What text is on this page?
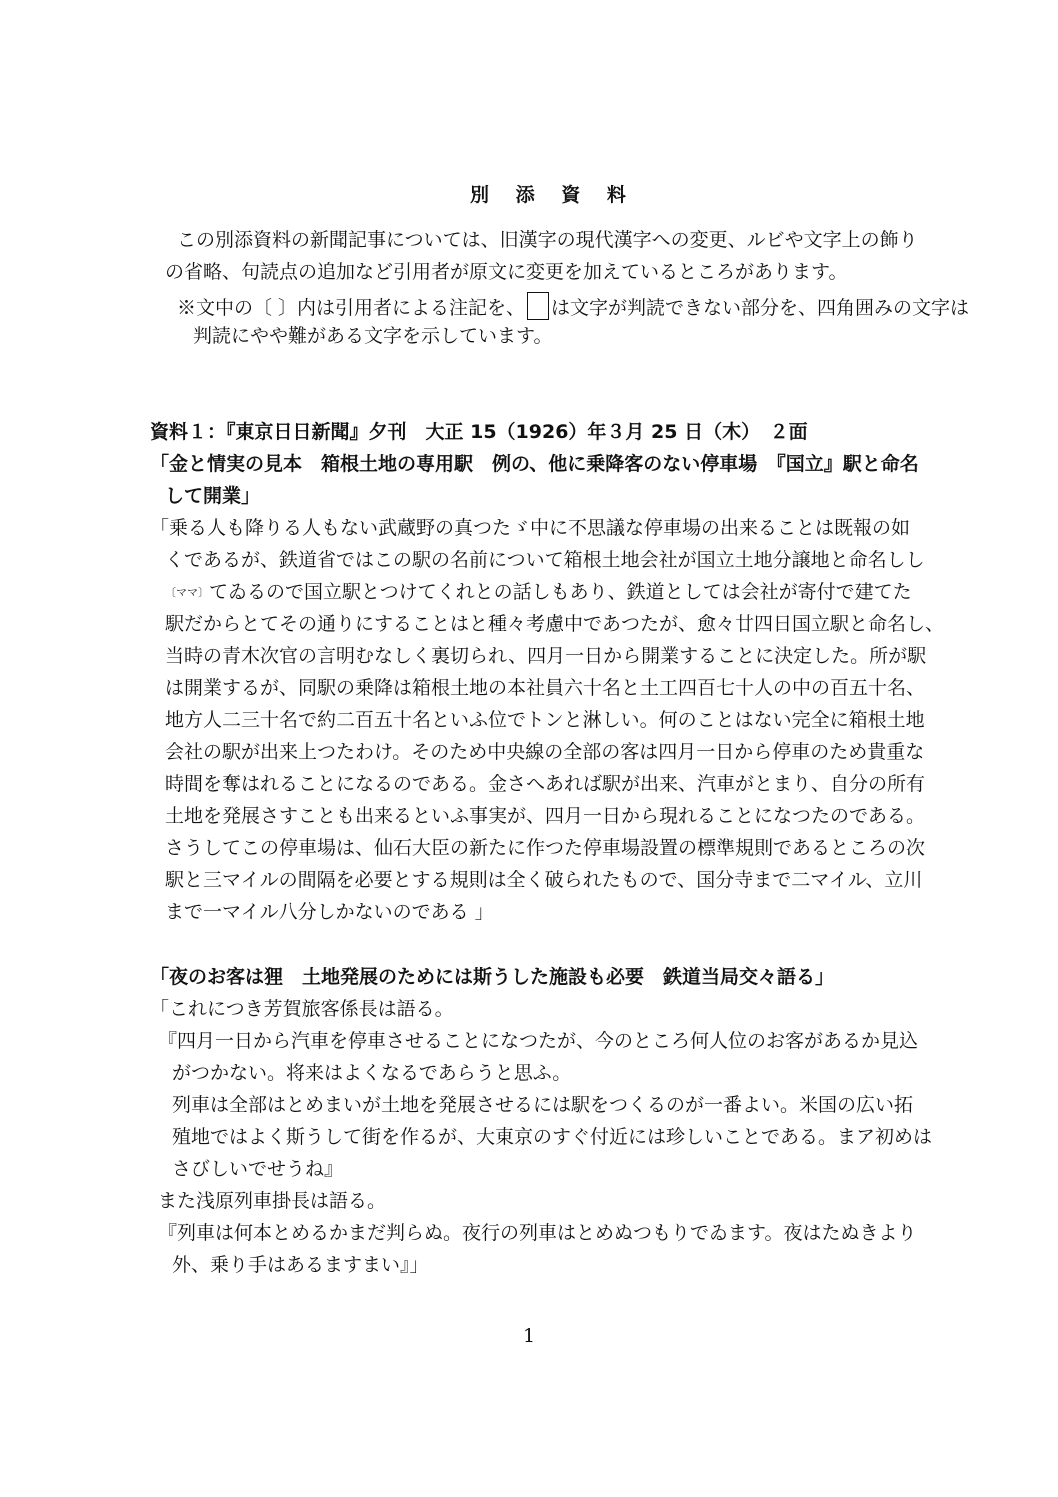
別 添 資 料
この別添資料の新聞記事については、旧漢字の現代漢字への変更、ルビや文字上の飾り
の省略、句読点の追加など引用者が原文に変更を加えているところがあります。
※文中の〔 〕内は引用者による注記を、 は文字が判読できない部分を、四角囲みの文字は
判読にやや難がある文字を示しています。
資料１：『東京日日新聞』夕刊　大正 15（1926）年３月 25 日（木）　２面
「金と情実の見本　箱根土地の専用駅　例の、他に乗降客のない停車場　『国立』駅と命名
して開業」
「乗る人も降りる人もない武蔵野の真つたゞ中に不思議な停車場の出来ることは既報の如
くであるが、鉄道省ではこの駅の名前について箱根土地会社が国立土地分譲地と命名しし
〔ママ〕てゐるので国立駅とつけてくれとの話しもあり、鉄道としては会社が寄付で建てた
駅だからとてその通りにすることはと種々考慮中であつたが、愈々廿四日国立駅と命名し、
当時の青木次官の言明むなしく裏切られ、四月一日から開業することに決定した。所が駅
は開業するが、同駅の乗降は箱根土地の本社員六十名と土工四百七十人の中の百五十名、
地方人二三十名で約二百五十名といふ位でトンと淋しい。何のことはない完全に箱根土地
会社の駅が出来上つたわけ。そのため中央線の全部の客は四月一日から停車のため貴重な
時間を奪はれることになるのである。金さへあれば駅が出来、汽車がとまり、自分の所有
土地を発展さすことも出来るといふ事実が、四月一日から現れることになつたのである。
さうしてこの停車場は、仙石大臣の新たに作つた停車場設置の標準規則であるところの次
駅と三マイルの間隔を必要とする規則は全く破られたもので、国分寺まで二マイル、立川
まで一マイル八分しかないのである 」
「夜のお客は狸　土地発展のためには斯うした施設も必要　鉄道当局交々語る」
「これにつき芳賀旅客係長は語る。
『四月一日から汽車を停車させることになつたが、今のところ何人位のお客があるか見込
がつかない。将来はよくなるであらうと思ふ。
列車は全部はとめまいが土地を発展させるには駅をつくるのが一番よい。米国の広い拓
殖地ではよく斯うして街を作るが、大東京のすぐ付近には珍しいことである。まア初めは
さびしいでせうね』
また浅原列車掛長は語る。
『列車は何本とめるかまだ判らぬ。夜行の列車はとめぬつもりでゐます。夜はたぬきより
外、乗り手はあるますまい』」
1
